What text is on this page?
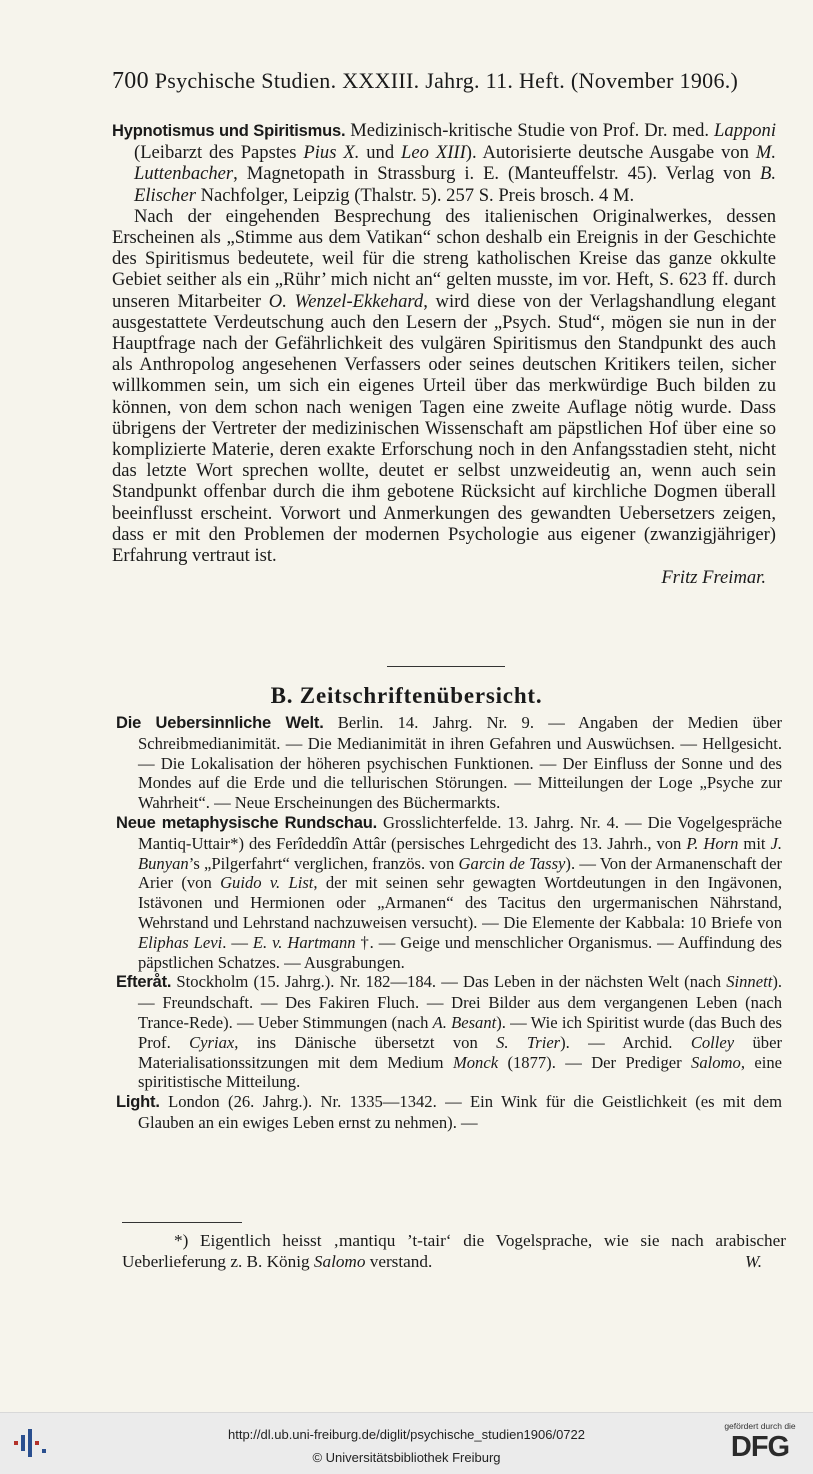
700 Psychische Studien. XXXIII. Jahrg. 11. Heft. (November 1906.)

Hypnotismus und Spiritismus. Medizinisch-kritische Studie von Prof. Dr. med. Lapponi (Leibarzt des Papstes Pius X. und Leo XIII). Autorisierte deutsche Ausgabe von M. Luttenbacher, Magnetopath in Strassburg i. E. (Manteuffelstr. 45). Verlag von B. Elischer Nachfolger, Leipzig (Thalstr. 5). 257 S. Preis brosch. 4 M.

Nach der eingehenden Besprechung des italienischen Originalwerkes, dessen Erscheinen als „Stimme aus dem Vatikan“ schon deshalb ein Ereignis in der Geschichte des Spiritismus bedeutete, weil für die streng katholischen Kreise das ganze okkulte Gebiet seither als ein „Rühr’ mich nicht an“ gelten musste, im vor. Heft, S. 623 ff. durch unseren Mitarbeiter O. Wenzel-Ekkehard, wird diese von der Verlagshandlung elegant ausgestattete Verdeutschung auch den Lesern der „Psych. Stud“, mögen sie nun in der Hauptfrage nach der Gefährlichkeit des vulgären Spiritismus den Standpunkt des auch als Anthropolog angesehenen Verfassers oder seines deutschen Kritikers teilen, sicher willkommen sein, um sich ein eigenes Urteil über das merkwürdige Buch bilden zu können, von dem schon nach wenigen Tagen eine zweite Auflage nötig wurde. Dass übrigens der Vertreter der medizinischen Wissenschaft am päpstlichen Hof über eine so komplizierte Materie, deren exakte Erforschung noch in den Anfangsstadien steht, nicht das letzte Wort sprechen wollte, deutet er selbst unzweideutig an, wenn auch sein Standpunkt offenbar durch die ihm gebotene Rücksicht auf kirchliche Dogmen überall beeinflusst erscheint. Vorwort und Anmerkungen des gewandten Uebersetzers zeigen, dass er mit den Problemen der modernen Psychologie aus eigener (zwanzigjähriger) Erfahrung vertraut ist.

Fritz Freimar.

B. Zeitschriftenübersicht.

Die Uebersinnliche Welt. Berlin. 14. Jahrg. Nr. 9. — Angaben der Medien über Schreibmedianimität. — Die Medianimität in ihren Gefahren und Auswüchsen. — Hellgesicht. — Die Lokalisation der höheren psychischen Funktionen. — Der Einfluss der Sonne und des Mondes auf die Erde und die tellurischen Störungen. — Mitteilungen der Loge „Psyche zur Wahrheit“. — Neue Erscheinungen des Büchermarkts.

Neue metaphysische Rundschau. Grosslichterfelde. 13. Jahrg. Nr. 4. — Die Vogelgespräche Mantiq-Uttair*) des Ferîdeddîn Attâr (persisches Lehrgedicht des 13. Jahrh., von P. Horn mit J. Bunyan’s „Pilgerfahrt“ verglichen, französ. von Garcin de Tassy). — Von der Armanenschaft der Arier (von Guido v. List, der mit seinen sehr gewagten Wortdeutungen in den Ingävonen, Istävonen und Hermionen oder „Armanen“ des Tacitus den urgermanischen Nährstand, Wehrstand und Lehrstand nachzuweisen versucht). — Die Elemente der Kabbala: 10 Briefe von Eliphas Levi. — E. v. Hartmann †. — Geige und menschlicher Organismus. — Auffindung des päpstlichen Schatzes. — Ausgrabungen.

Efteråt. Stockholm (15. Jahrg.). Nr. 182—184. — Das Leben in der nächsten Welt (nach Sinnett). — Freundschaft. — Des Fakiren Fluch. — Drei Bilder aus dem vergangenen Leben (nach Trance-Rede). — Ueber Stimmungen (nach A. Besant). — Wie ich Spiritist wurde (das Buch des Prof. Cyriax, ins Dänische übersetzt von S. Trier). — Archid. Colley über Materialisationssitzungen mit dem Medium Monck (1877). — Der Prediger Salomo, eine spiritistische Mitteilung.

Light. London (26. Jahrg.). Nr. 1335—1342. — Ein Wink für die Geistlichkeit (es mit dem Glauben an ein ewiges Leben ernst zu nehmen). —

*) Eigentlich heisst ‚mantiqu ’t-tair‘ die Vogelsprache, wie sie nach arabischer Ueberlieferung z. B. König Salomo verstand.	W.

http://dl.ub.uni-freiburg.de/diglit/psychische_studien1906/0722
© Universitätsbibliothek Freiburg
gefördert durch die
DFG
